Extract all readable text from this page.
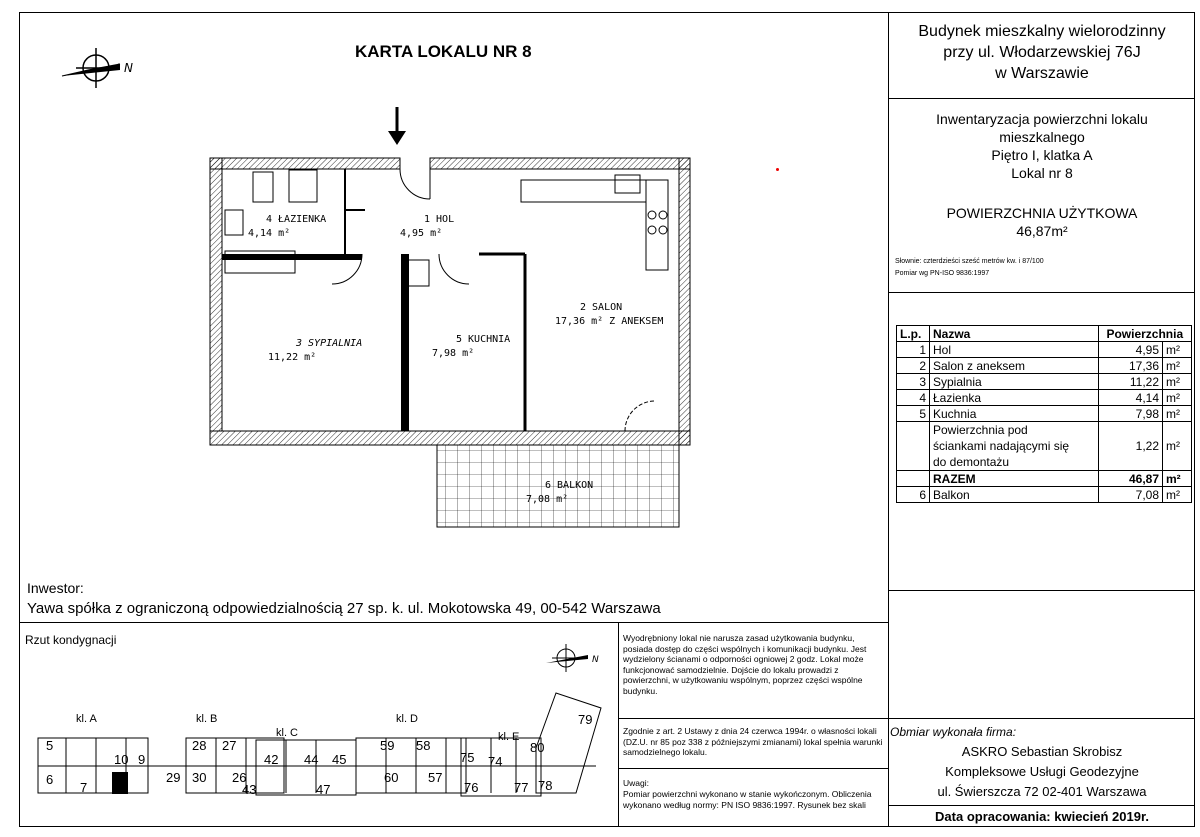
KARTA LOKALU NR 8
N
4 ŁAZIENKA
4,14 m²
1 HOL
4,95 m²
2 SALON
17,36 m² Z ANEKSEM
3 SYPIALNIA
11,22 m²
5 KUCHNIA
7,98 m²
6 BALKON
7,08 m²
Budynek mieszkalny wielorodzinny
przy ul. Włodarzewskiej 76J
w Warszawie
Inwentaryzacja powierzchni lokalu
mieszkalnego
Piętro I, klatka A
Lokal nr 8
POWIERZCHNIA UŻYTKOWA
46,87m²
Słownie: czterdzieści sześć metrów kw. i 87/100
Pomiar wg PN-ISO 9836:1997
L.p.	Nazwa	Powierzchnia	
1	Hol	4,95	m²
2	Salon z aneksem	17,36	m²
3	Sypialnia	11,22	m²
4	Łazienka	4,14	m²
5	Kuchnia	7,98	m²

	Powierzchnia pod
ściankami nadającymi się
do demontażu	1,22	m²
	RAZEM	46,87	m²
6	Balkon	7,08	m²
Inwestor:
Yawa spółka z ograniczoną odpowiedzialnością 27 sp. k. ul. Mokotowska 49, 00-542 Warszawa
Rzut kondygnacji
N
kl. A	kl. B
kl. C
kl. D
kl. E
5
6
7
10 9
29
28 27
30 26
42
43
44 45
47
59 58
60 57
75 74
76	77 78
79
80
Wyodrębniony lokal nie narusza zasad użytkowania budynku, posiada dostęp do części wspólnych i komunikacji budynku. Jest wydzielony ścianami o odporności ogniowej 2 godz. Lokal może funkcjonować samodzielnie. Dojście do lokalu prowadzi z powierzchni, w użytkowaniu wspólnym, poprzez części wspólne budynku.
Zgodnie z art. 2 Ustawy z dnia 24 czerwca 1994r. o własności lokali (DZ.U. nr 85 poz 338 z późniejszymi zmianami) lokal spełnia warunki samodzielnego lokalu.
Uwagi:
Pomiar powierzchni wykonano w stanie wykończonym. Obliczenia wykonano według normy: PN ISO 9836:1997. Rysunek bez skali
Obmiar wykonała firma:
ASKRO Sebastian Skrobisz
Kompleksowe Usługi Geodezyjne
ul. Świerszcza 72 02-401 Warszawa
Data opracowania: kwiecień 2019r.
